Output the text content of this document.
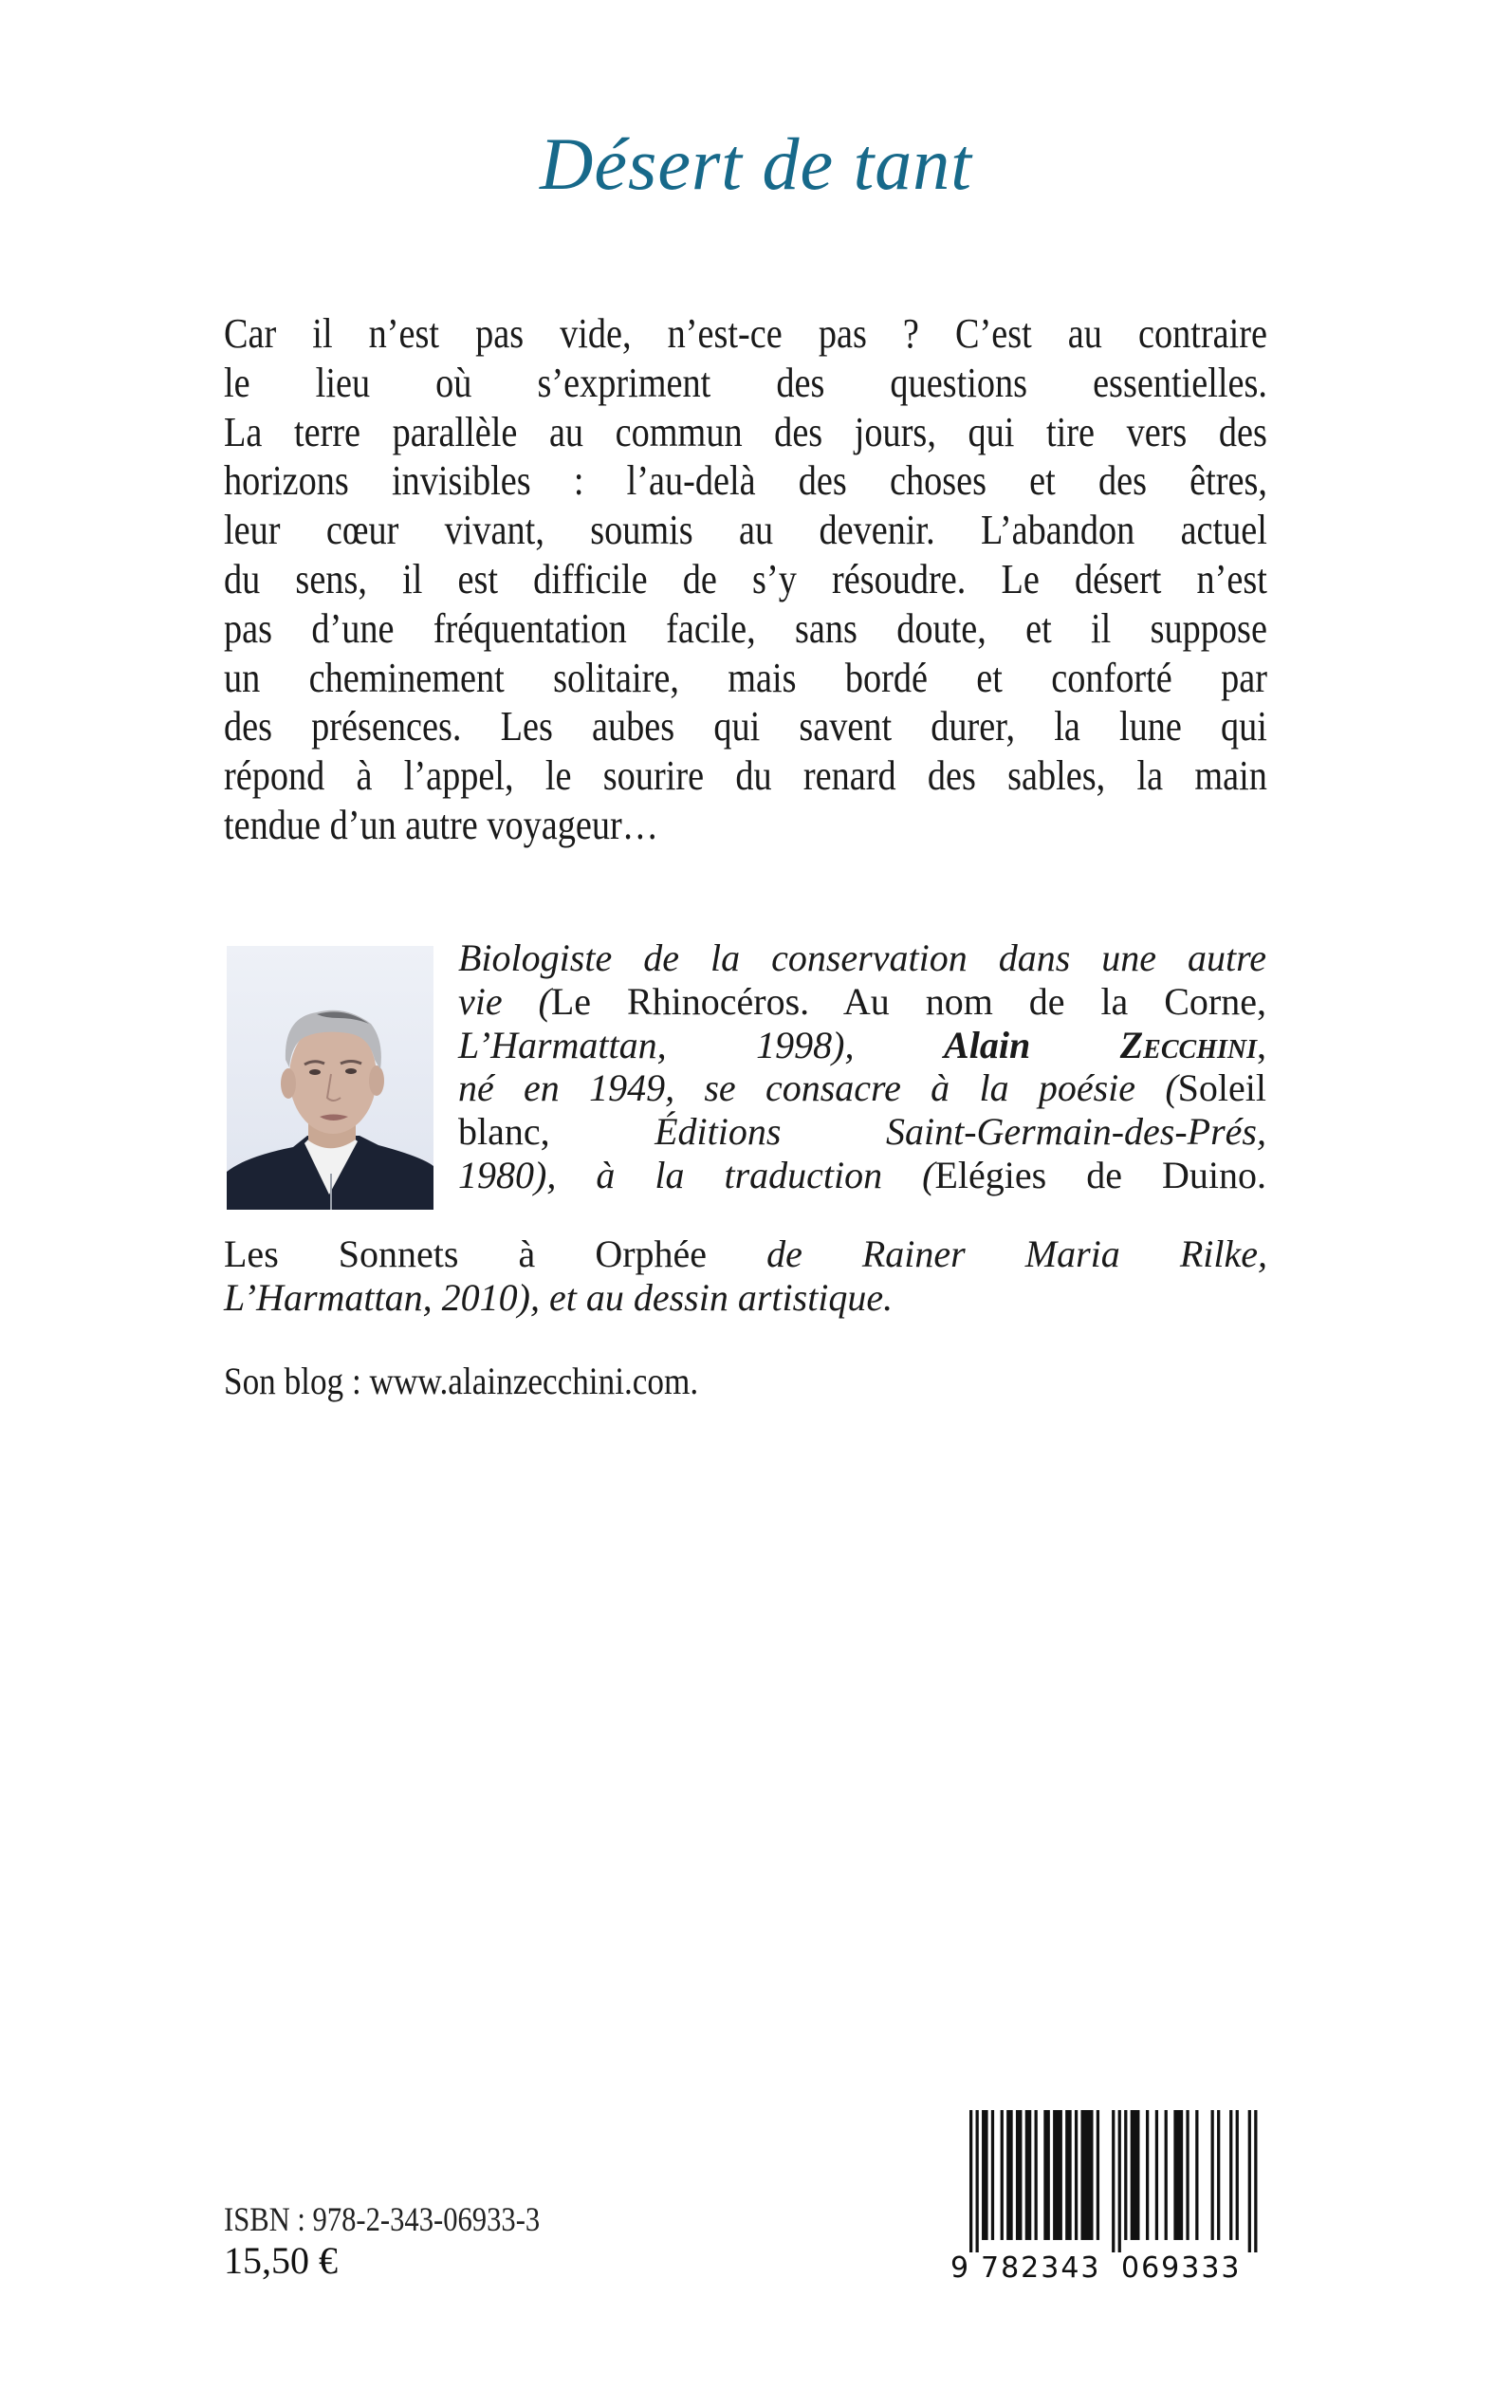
Désert de tant
Car il n’est pas vide, n’est-ce pas ? C’est au contraire
le lieu où s’expriment des questions essentielles.
La terre parallèle au commun des jours, qui tire vers des
horizons invisibles : l’au-delà des choses et des êtres,
leur cœur vivant, soumis au devenir. L’abandon actuel
du sens, il est difficile de s’y résoudre. Le désert n’est
pas d’une fréquentation facile, sans doute, et il suppose
un cheminement solitaire, mais bordé et conforté par
des présences. Les aubes qui savent durer, la lune qui
répond à l’appel, le sourire du renard des sables, la main
tendue d’un autre voyageur…
Biologiste de la conservation dans une autre
vie (Le Rhinocéros. Au nom de la Corne,
L’Harmattan, 1998), Alain Zecchini,
né en 1949, se consacre à la poésie (Soleil
blanc, Éditions Saint-Germain-des-Prés,
1980), à la traduction (Elégies de Duino.
Les Sonnets à Orphée de Rainer Maria Rilke,
L’Harmattan, 2010), et au dessin artistique.
Son blog : www.alainzecchini.com.
ISBN : 978-2-343-06933-3
15,50 €	9 782343 069333
